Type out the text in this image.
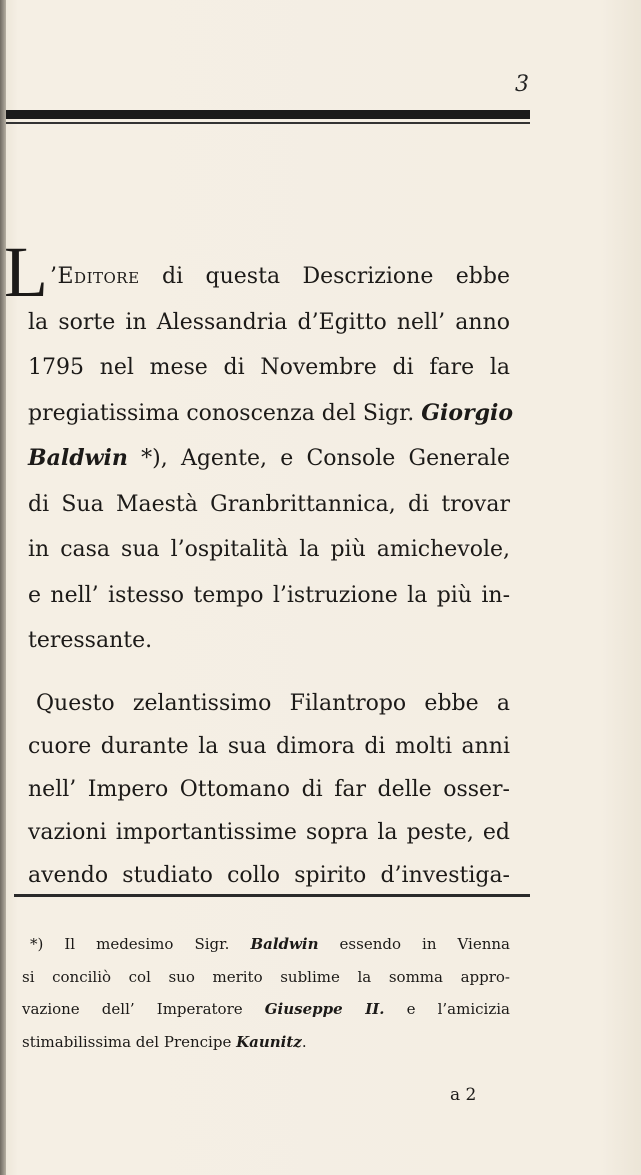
3
L ’Editore di questa Descrizione ebbe
la sorte in Alessandria d’Egitto nell’ anno
1795 nel mese di Novembre di fare la
pregiatissima conoscenza del Sigr. Giorgio
Baldwin *), Agente, e Console Generale
di Sua Maestà Granbrittannica, di trovar
in casa sua l’ospitalità la più amichevole,
e nell’ istesso tempo l’istruzione la più in-
teressante.
Questo zelantissimo Filantropo ebbe a
cuore durante la sua dimora di molti anni
nell’ Impero Ottomano di far delle osser-
vazioni importantissime sopra la peste, ed
avendo studiato collo spirito d’investiga-
*) Il medesimo Sigr. Baldwin essendo in Vienna
si conciliò col suo merito sublime la somma appro-
vazione dell’ Imperatore Giuseppe II. e l’amicizia
stimabilissima del Prencipe Kaunitz.
a 2
